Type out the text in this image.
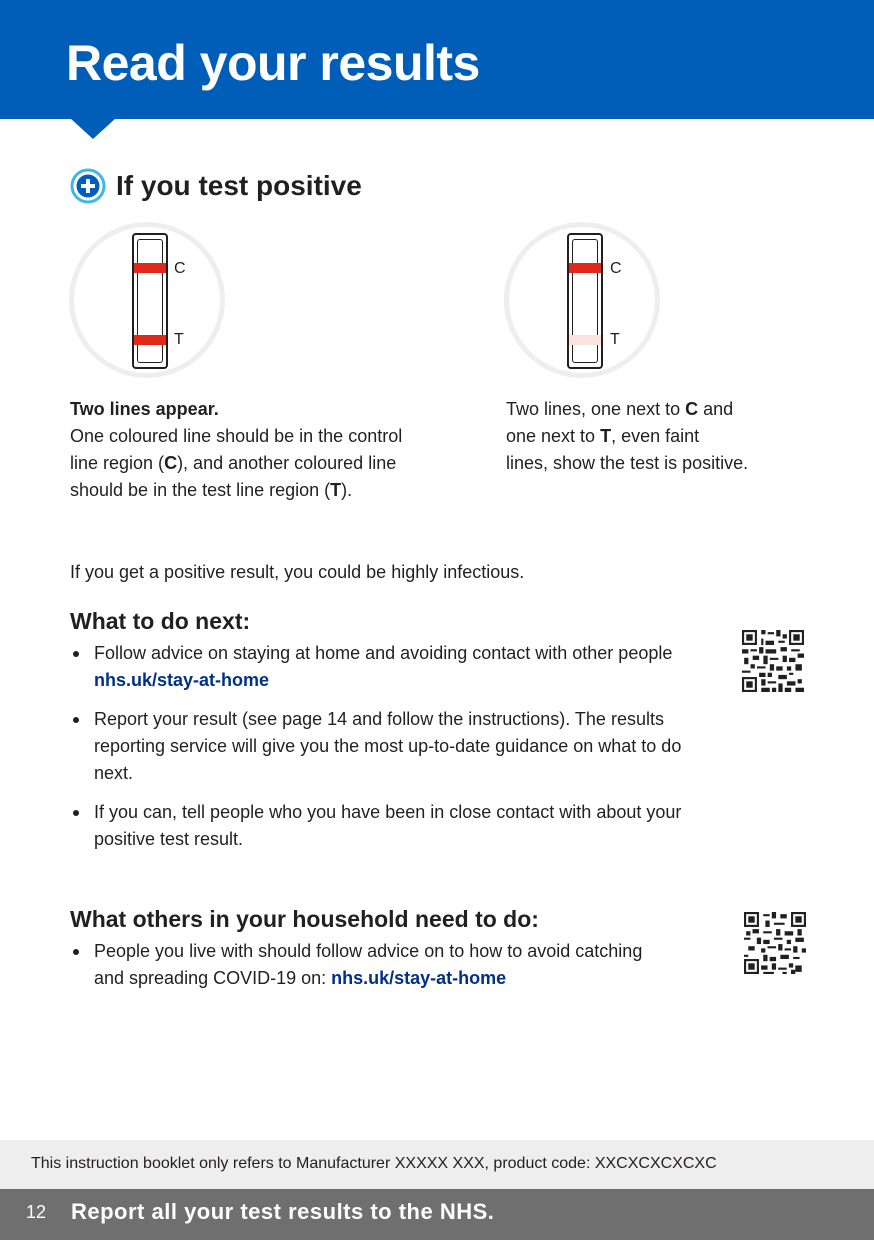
Read your results
If you test positive
C
T
C
T
Two lines appear.
One coloured line should be in the control
line region (C), and another coloured line
should be in the test line region (T).
Two lines, one next to C and
one next to T, even faint
lines, show the test is positive.
If you get a positive result, you could be highly infectious.
What to do next:
Follow advice on staying at home and avoiding contact with other people nhs.uk/stay-at-home
Report your result (see page 14 and follow the instructions). The results reporting service will give you the most up-to-date guidance on what to do next.
If you can, tell people who you have been in close contact with about your positive test result.
What others in your household need to do:
People you live with should follow advice on to how to avoid catching and spreading COVID-19 on: nhs.uk/stay-at-home
This instruction booklet only refers to Manufacturer XXXXX XXX, product code: XXCXCXCXCXC
12 Report all your test results to the NHS.
